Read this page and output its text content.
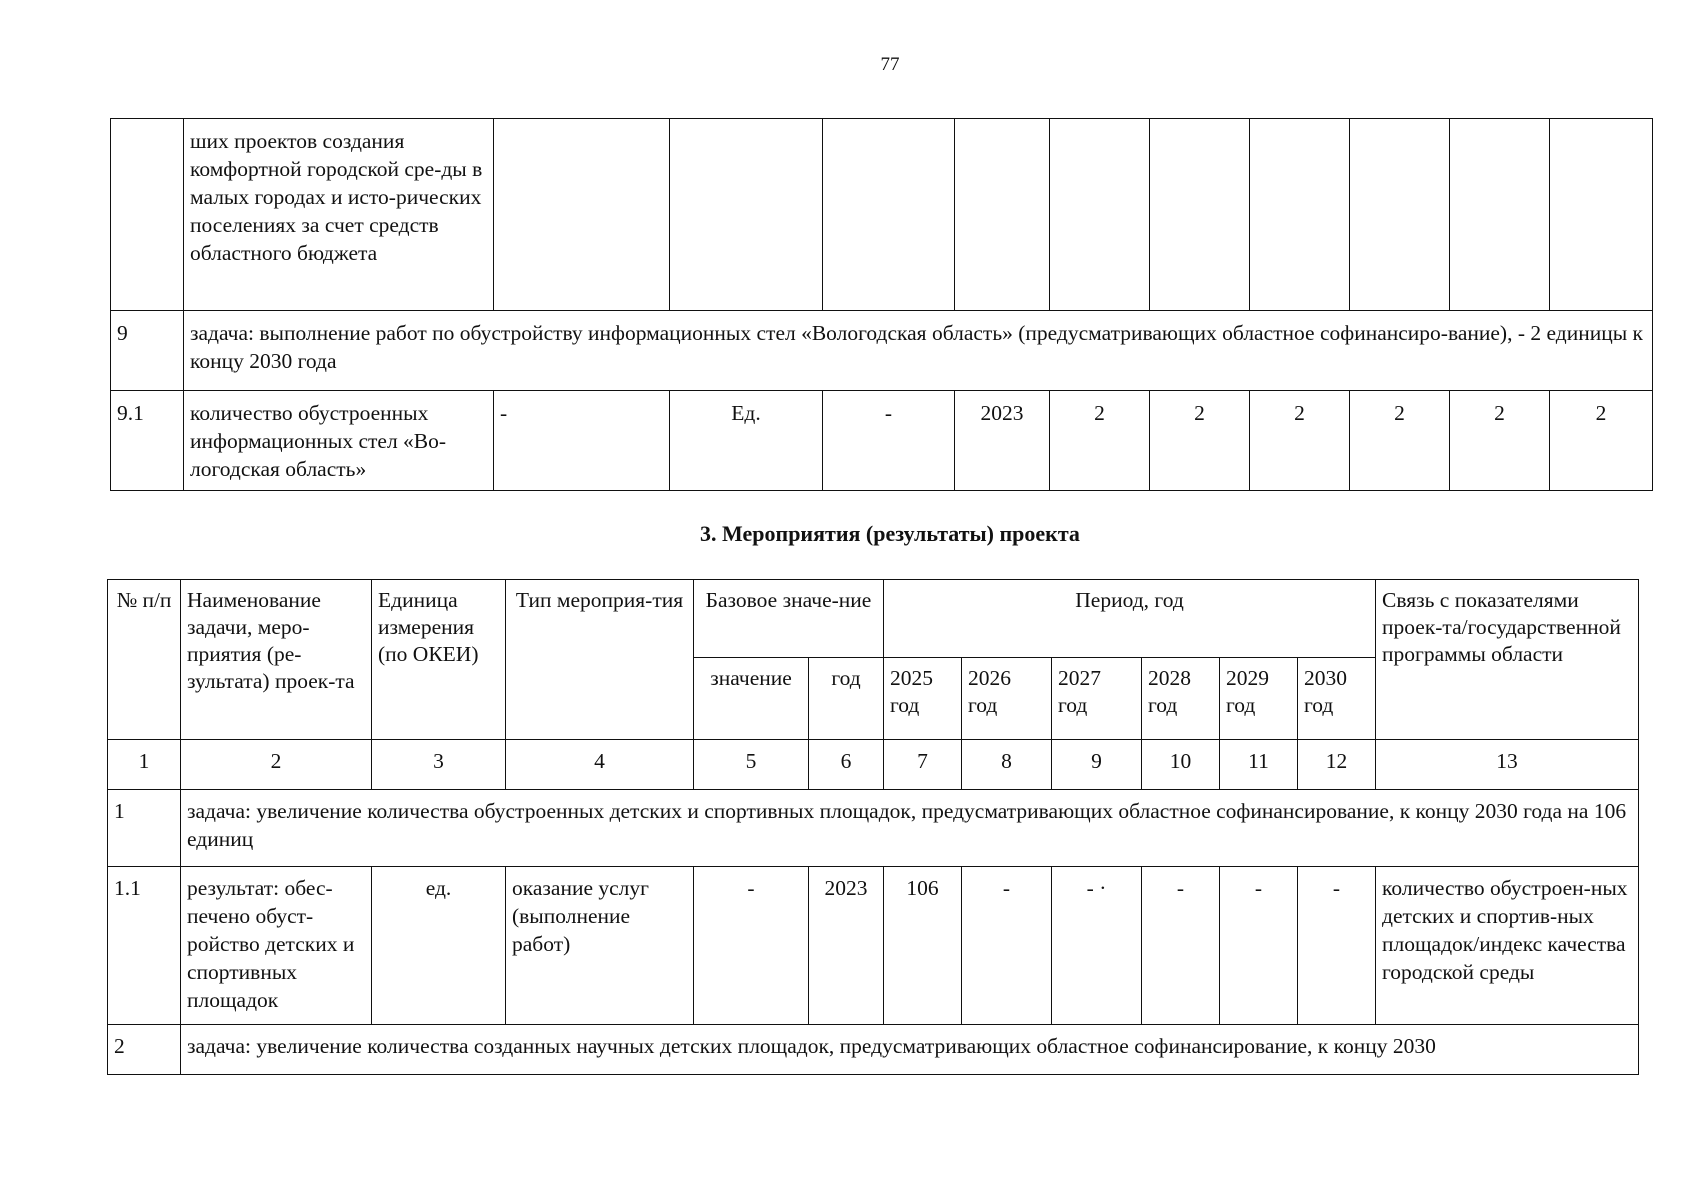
77
	ших проектов создания комфортной городской сре-ды в малых городах и исто-рических поселениях за счет средств областного бюджета										
9	задача: выполнение работ по обустройству информационных стел «Вологодская область» (предусматривающих областное софинансиро-вание), - 2 единицы к концу 2030 года										
9.1	количество обустроенных информационных стел «Во-логодская область»	-	Ед.	-	2023	2	2	2	2	2	2
3. Мероприятия (результаты) проекта
№ п/п	Наименование задачи, меро-приятия (ре-зультата) проек-та	Единица измерения (по ОКЕИ)	Тип мероприя-тия	Базовое значе-ние		Период, год						Связь с показателями проек-та/государственной программы области
				значение	год	2025 год	2026 год	2027 год	2028 год	2029 год	2030 год	
1	2	3	4	5	6	7	8	9	10	11	12	13
1	задача: увеличение количества обустроенных детских и спортивных площадок, предусматривающих областное софинансирование, к концу 2030 года на 106 единиц											
1.1	результат: обес-печено обуст-ройство детских и спортивных площадок	ед.	оказание услуг (выполнение работ)	-	2023	106	-	- ·	-	-	-	количество обустроен-ных детских и спортив-ных площадок/индекс качества городской среды
2	задача: увеличение количества созданных научных детских площадок, предусматривающих областное софинансирование, к концу 2030											
